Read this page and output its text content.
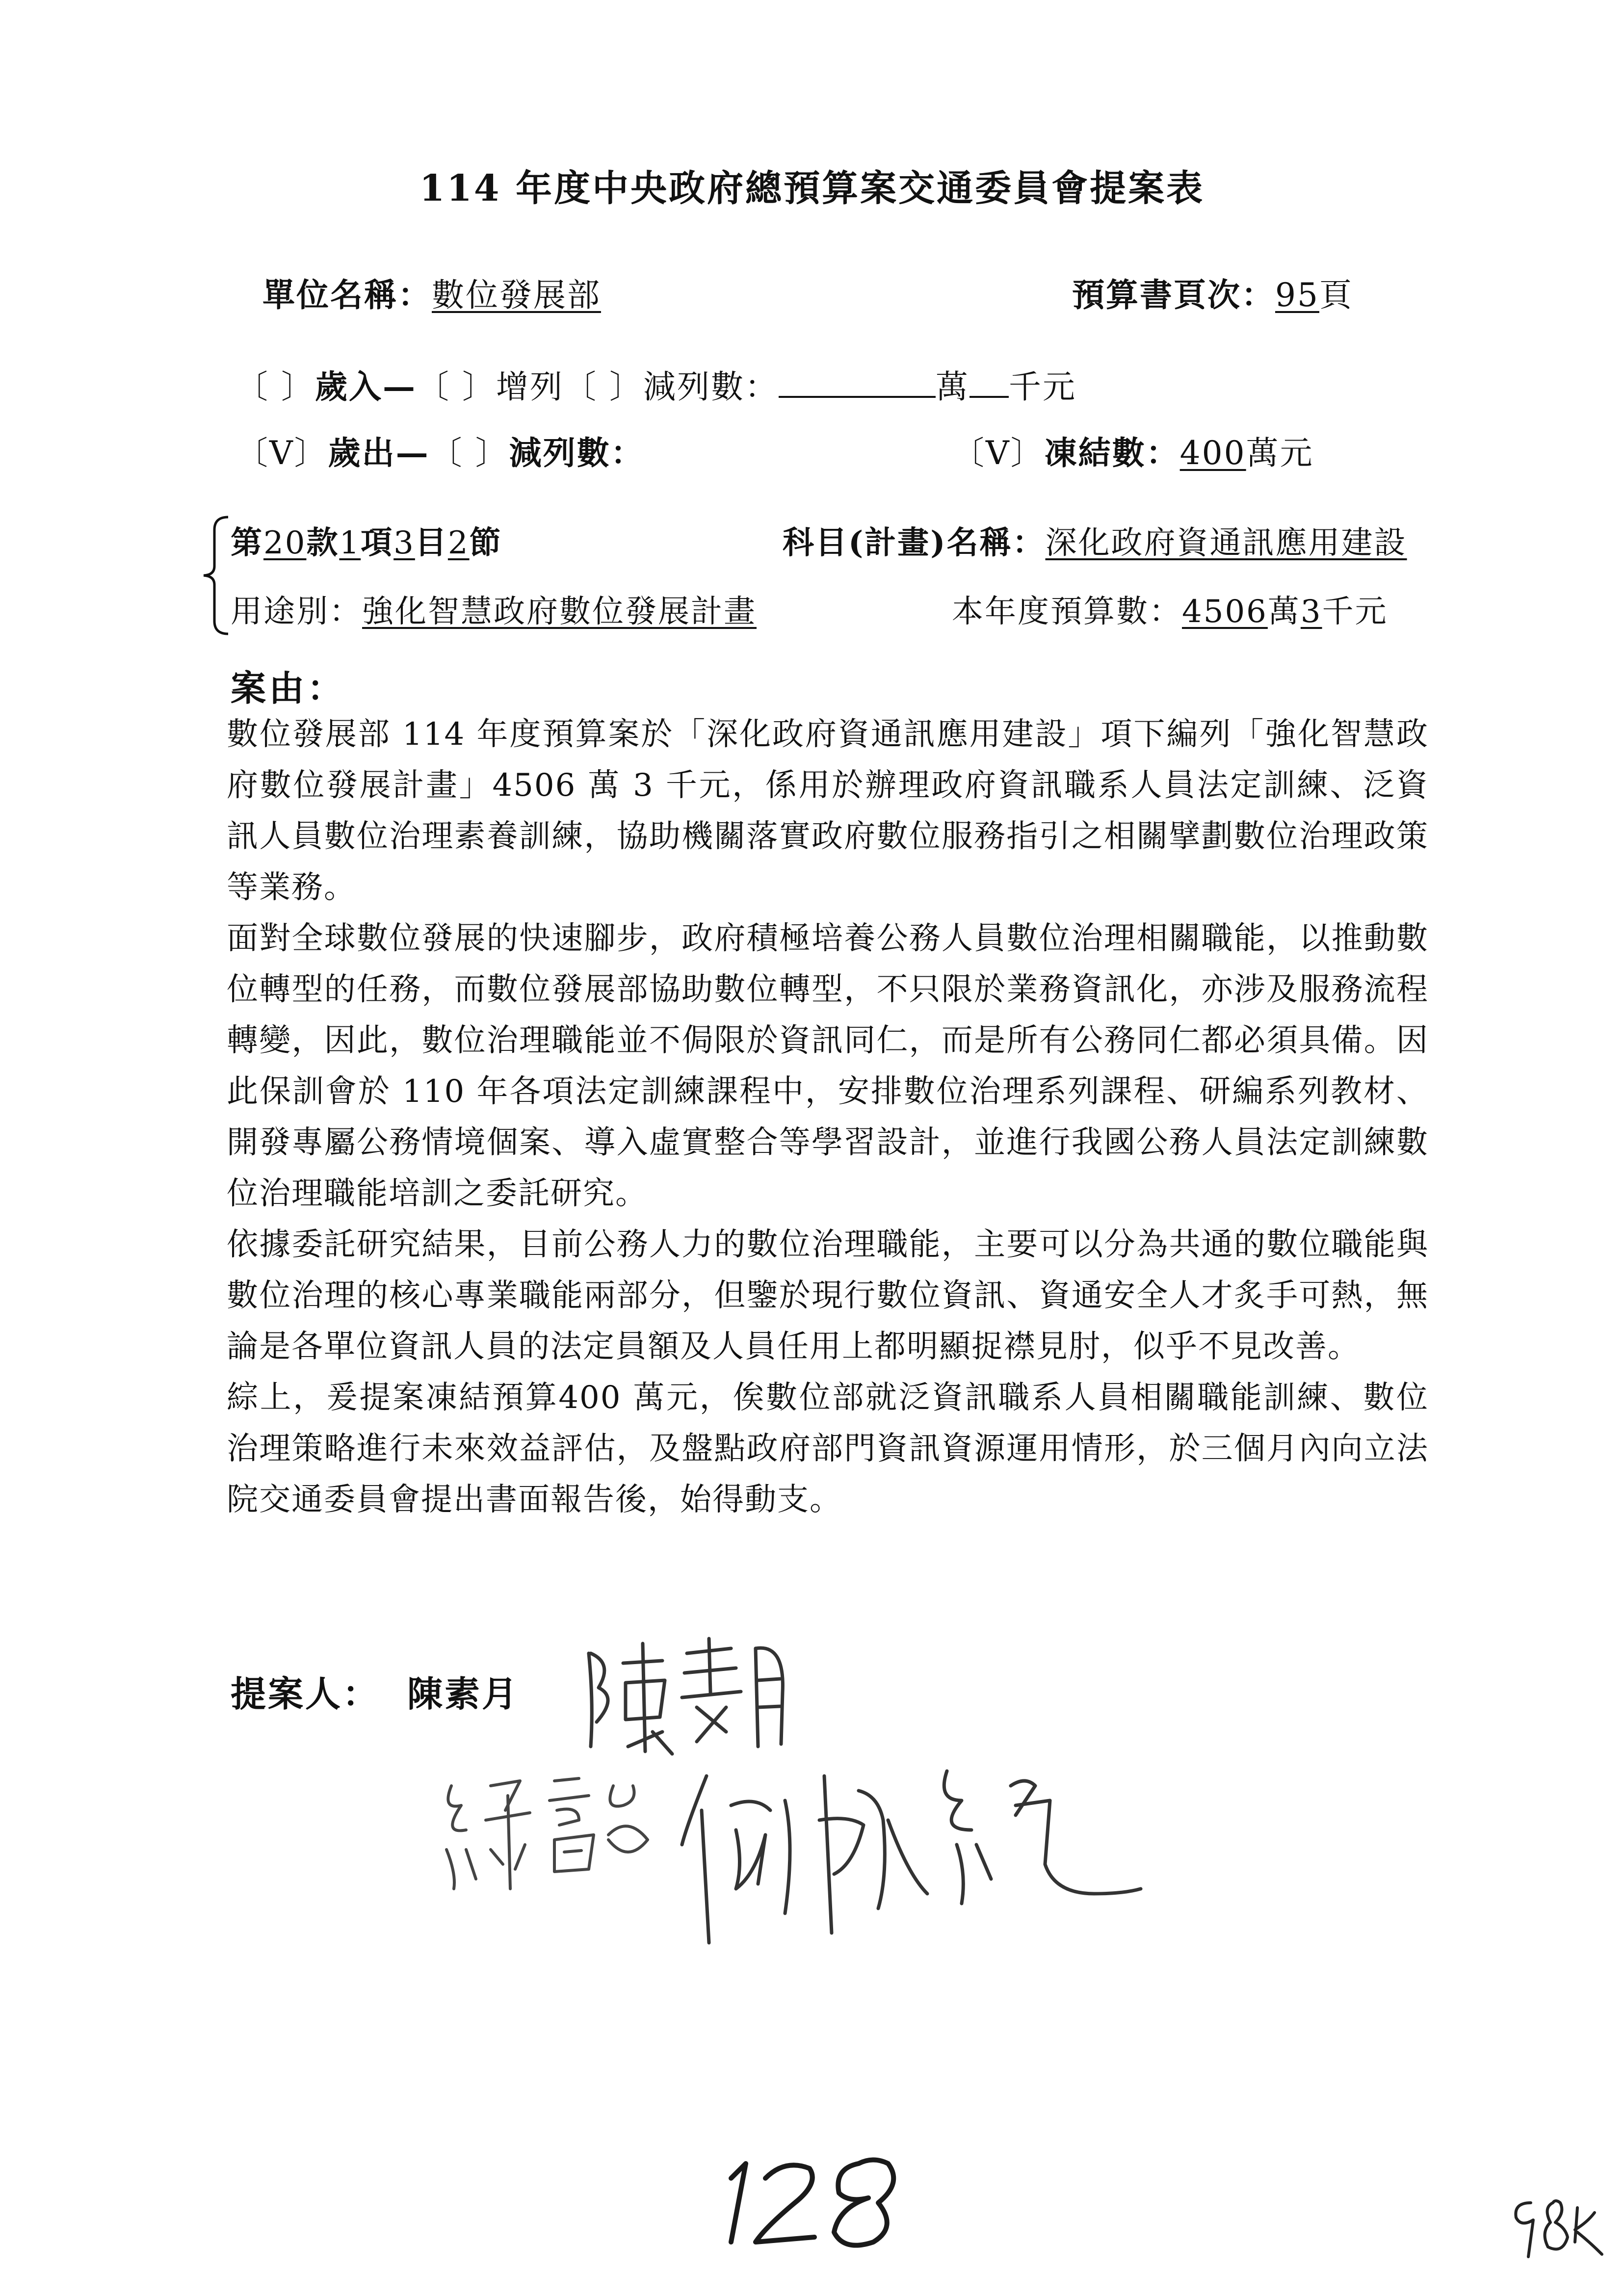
114 年度中央政府總預算案交通委員會提案表
單位名稱：數位發展部	預算書頁次：95頁
〔 〕歲入—〔 〕增列〔 〕減列數：	萬 千元
〔V〕歲出—〔 〕減列數：	〔V〕凍結數：400萬元
第20款1項3目2節	科目(計畫)名稱：深化政府資通訊應用建設
用途別：強化智慧政府數位發展計畫	本年度預算數：4506萬3千元
案由：

數位發展部 114 年度預算案於「深化政府資通訊應用建設」項下編列「強化智慧政府數位發展計畫」4506 萬 3 千元，係用於辦理政府資訊職系人員法定訓練、泛資訊人員數位治理素養訓練，協助機關落實政府數位服務指引之相關擘劃數位治理政策等業務。

面對全球數位發展的快速腳步，政府積極培養公務人員數位治理相關職能，以推動數位轉型的任務，而數位發展部協助數位轉型，不只限於業務資訊化，亦涉及服務流程轉變，因此，數位治理職能並不侷限於資訊同仁，而是所有公務同仁都必須具備。因此保訓會於 110 年各項法定訓練課程中，安排數位治理系列課程、研編系列教材、開發專屬公務情境個案、導入虛實整合等學習設計，並進行我國公務人員法定訓練數位治理職能培訓之委託研究。

依據委託研究結果，目前公務人力的數位治理職能，主要可以分為共通的數位職能與數位治理的核心專業職能兩部分，但鑒於現行數位資訊、資通安全人才炙手可熱，無論是各單位資訊人員的法定員額及人員任用上都明顯捉襟見肘，似乎不見改善。

綜上，爰提案凍結預算400 萬元，俟數位部就泛資訊職系人員相關職能訓練、數位治理策略進行未來效益評估，及盤點政府部門資訊資源運用情形，於三個月內向立法院交通委員會提出書面報告後，始得動支。

提案人： 陳素月
